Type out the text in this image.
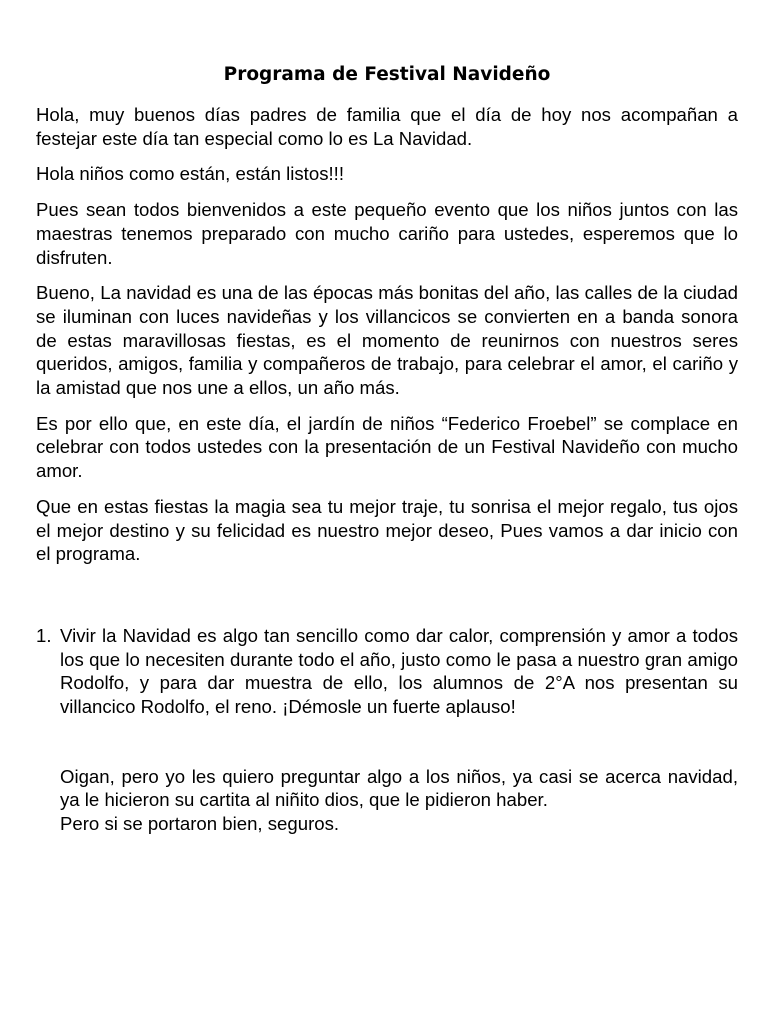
Programa de Festival Navideño

Hola, muy buenos días padres de familia que el día de hoy nos acompañan a festejar este día tan especial como lo es La Navidad.

Hola niños como están, están listos!!!

Pues sean todos bienvenidos a este pequeño evento que los niños juntos con las maestras tenemos preparado con mucho cariño para ustedes, esperemos que lo disfruten.

Bueno, La navidad es una de las épocas más bonitas del año, las calles de la ciudad se iluminan con luces navideñas y los villancicos se convierten en a banda sonora de estas maravillosas fiestas, es el momento de reunirnos con nuestros seres queridos, amigos, familia y compañeros de trabajo, para celebrar el amor, el cariño y la amistad que nos une a ellos, un año más.

Es por ello que, en este día, el jardín de niños “Federico Froebel” se complace en celebrar con todos ustedes con la presentación de un Festival Navideño con mucho amor.

Que en estas fiestas la magia sea tu mejor traje, tu sonrisa el mejor regalo, tus ojos el mejor destino y su felicidad es nuestro mejor deseo, Pues vamos a dar inicio con el programa.

1. Vivir la Navidad es algo tan sencillo como dar calor, comprensión y amor a todos los que lo necesiten durante todo el año, justo como le pasa a nuestro gran amigo Rodolfo, y para dar muestra de ello, los alumnos de 2°A nos presentan su villancico Rodolfo, el reno. ¡Démosle un fuerte aplauso!

Oigan, pero yo les quiero preguntar algo a los niños, ya casi se acerca navidad, ya le hicieron su cartita al niñito dios, que le pidieron haber.

Pero si se portaron bien, seguros.
